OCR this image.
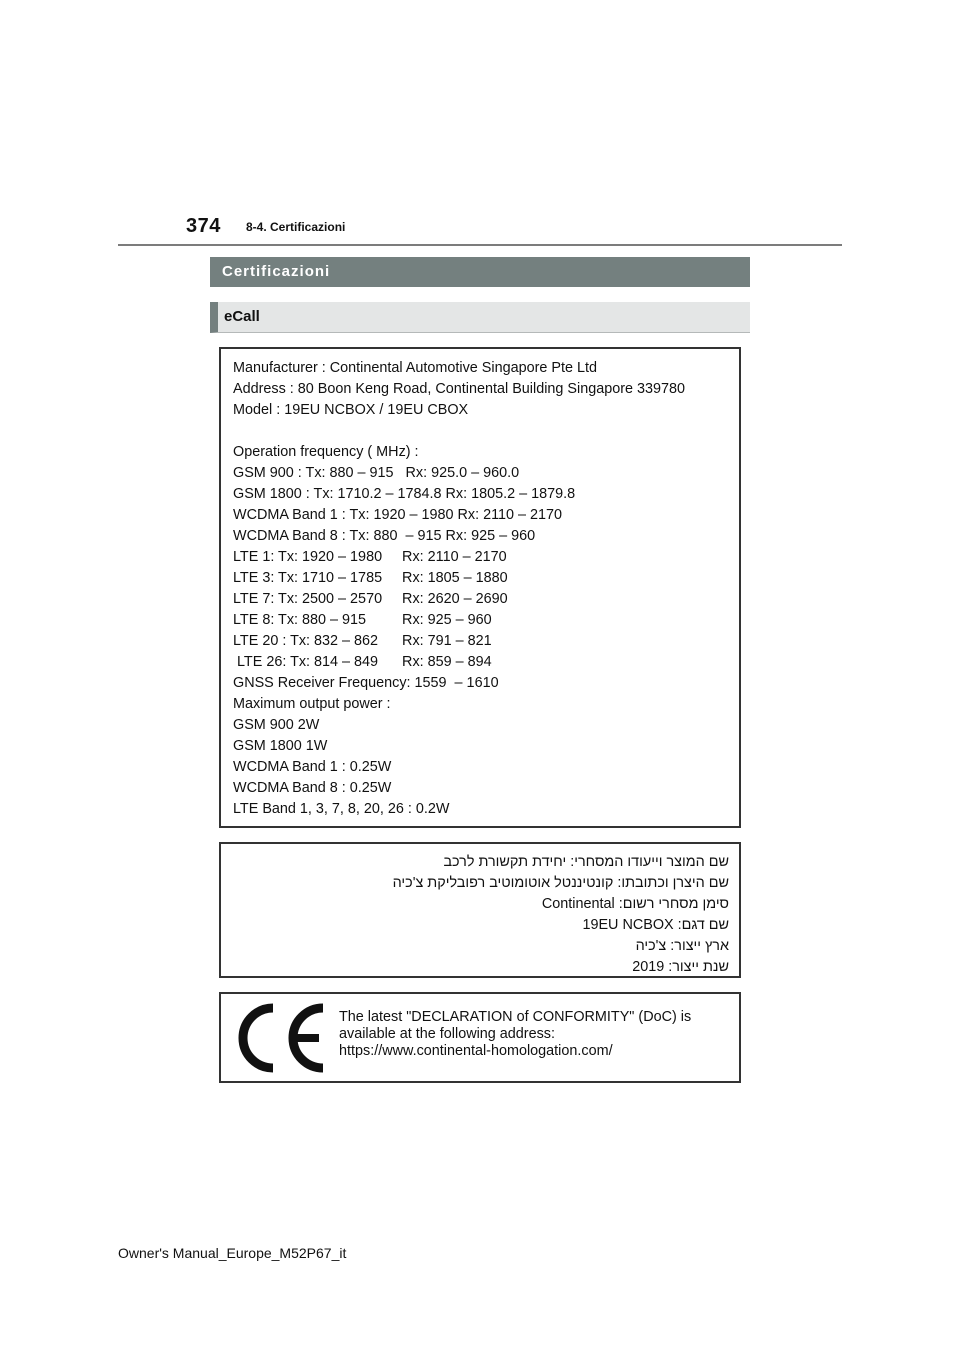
374 8-4. Certificazioni
Certificazioni
eCall
Manufacturer : Continental Automotive Singapore Pte Ltd
Address : 80 Boon Keng Road, Continental Building Singapore 339780
Model : 19EU NCBOX / 19EU CBOX
Operation frequency ( MHz) :
GSM 900 : Tx: 880 – 915   Rx: 925.0 – 960.0
GSM 1800 : Tx: 1710.2 – 1784.8 Rx: 1805.2 – 1879.8
WCDMA Band 1 : Tx: 1920 – 1980 Rx: 2110 – 2170
WCDMA Band 8 : Tx: 880  – 915 Rx: 925 – 960
LTE 1: Tx: 1920 – 1980     Rx: 2110 – 2170
LTE 3: Tx: 1710 – 1785     Rx: 1805 – 1880
LTE 7: Tx: 2500 – 2570     Rx: 2620 – 2690
LTE 8: Tx: 880 – 915         Rx: 925 – 960
LTE 20 : Tx: 832 – 862      Rx: 791 – 821
LTE 26: Tx: 814 – 849      Rx: 859 – 894
GNSS Receiver Frequency: 1559  – 1610
Maximum output power :
GSM 900 2W
GSM 1800 1W
WCDMA Band 1 : 0.25W
WCDMA Band 8 : 0.25W
LTE Band 1, 3, 7, 8, 20, 26 : 0.2W
שם המוצר וייעודו המסחרי: יחידת תקשורת לרכב
שם היצרן וכתובתו: קונטיננטל אוטומוטיב רפובליקת צ'כיה
סימן מסחרי רשום: Continental
שם דגם: 19EU NCBOX
ארץ ייצור: צ'כיה
שנת ייצור: 2019
The latest "DECLARATION of CONFORMITY" (DoC) is
available at the following address:
https://www.continental-homologation.com/
Owner's Manual_Europe_M52P67_it
